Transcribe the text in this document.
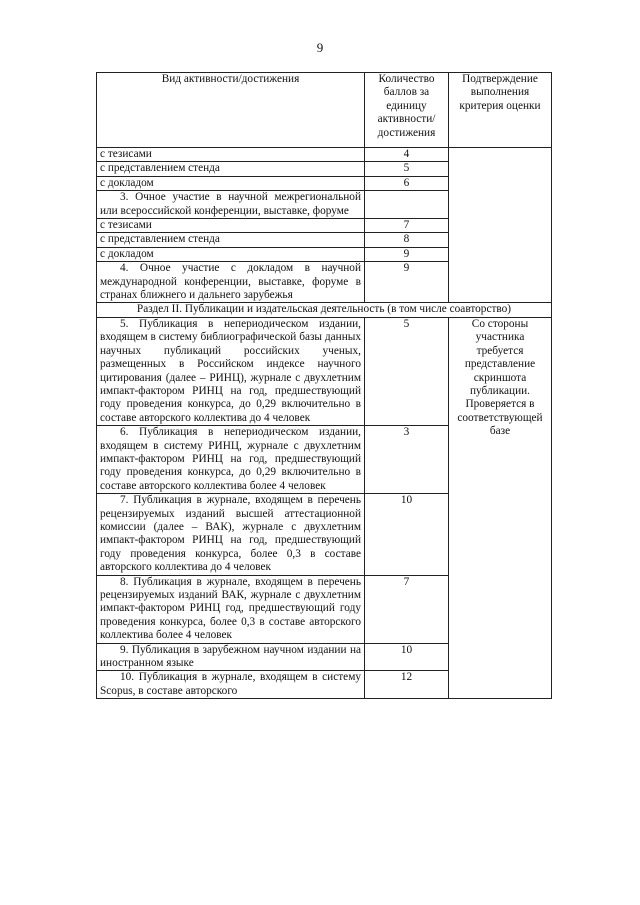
9
Вид активности/достижения	Количество баллов за единицу активности/ достижения	Подтверждение выполнения критерия оценки
с тезисами	4	
с представлением стенда	5	
с докладом	6	
3. Очное участие в научной межрегиональной или всероссийской конференции, выставке, форуме		
с тезисами	7	
с представлением стенда	8	
с докладом	9	
4. Очное участие с докладом в научной международной конференции, выставке, форуме в странах ближнего и дальнего зарубежья	9	
Раздел II. Публикации и издательская деятельность (в том числе соавторство)		
5. Публикация в непериодическом издании, входящем в систему библиографической базы данных научных публикаций российских ученых, размещенных в Российском индексе научного цитирования (далее – РИНЦ), журнале с двухлетним импакт-фактором РИНЦ на год, предшествующий году проведения конкурса, до 0,29 включительно в составе авторского коллектива до 4 человек	5	Со стороны участника требуется представление скриншота публикации. Проверяется в соответствующей базе
6. Публикация в непериодическом издании, входящем в систему РИНЦ, журнале с двухлетним импакт-фактором РИНЦ на год, предшествующий году проведения конкурса, до 0,29 включительно в составе авторского коллектива более 4 человек	3	
7. Публикация в журнале, входящем в перечень рецензируемых изданий высшей аттестационной комиссии (далее – ВАК), журнале с двухлетним импакт-фактором РИНЦ на год, предшествующий году проведения конкурса, более 0,3 в составе авторского коллектива до 4 человек	10	
8. Публикация в журнале, входящем в перечень рецензируемых изданий ВАК, журнале с двухлетним импакт-фактором РИНЦ год, предшествующий году проведения конкурса, более 0,3 в составе авторского коллектива более 4 человек	7	
9. Публикация в зарубежном научном издании на иностранном языке	10	
10. Публикация в журнале, входящем в систему Scopus, в составе авторского	12	
